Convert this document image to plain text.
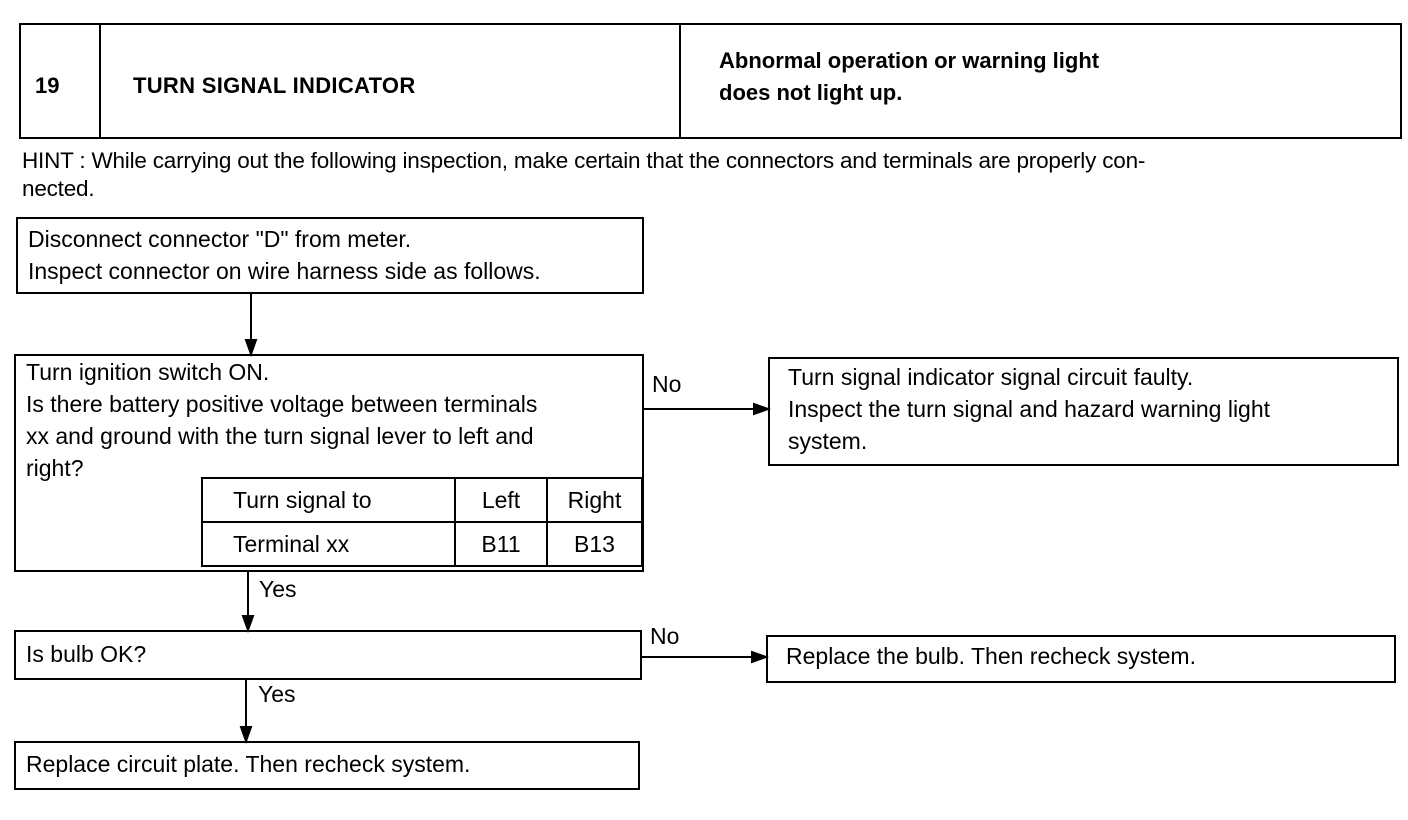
19	TURN SIGNAL INDICATOR
Abnormal operation or warning light
does not light up.
HINT : While carrying out the following inspection, make certain that the connectors and terminals are properly con-
nected.
Disconnect connector "D" from meter.
Inspect connector on wire harness side as follows.
Turn ignition switch ON.
Is there battery positive voltage between terminals
xx and ground with the turn signal lever to left and
right?
Turn signal to	Left	Right
Terminal xx	B11	B13
Turn signal indicator signal circuit faulty.
Inspect the turn signal and hazard warning light
system.
Is bulb OK?	Replace the bulb. Then recheck system.
Replace circuit plate. Then recheck system.
No
Yes
No
Yes
